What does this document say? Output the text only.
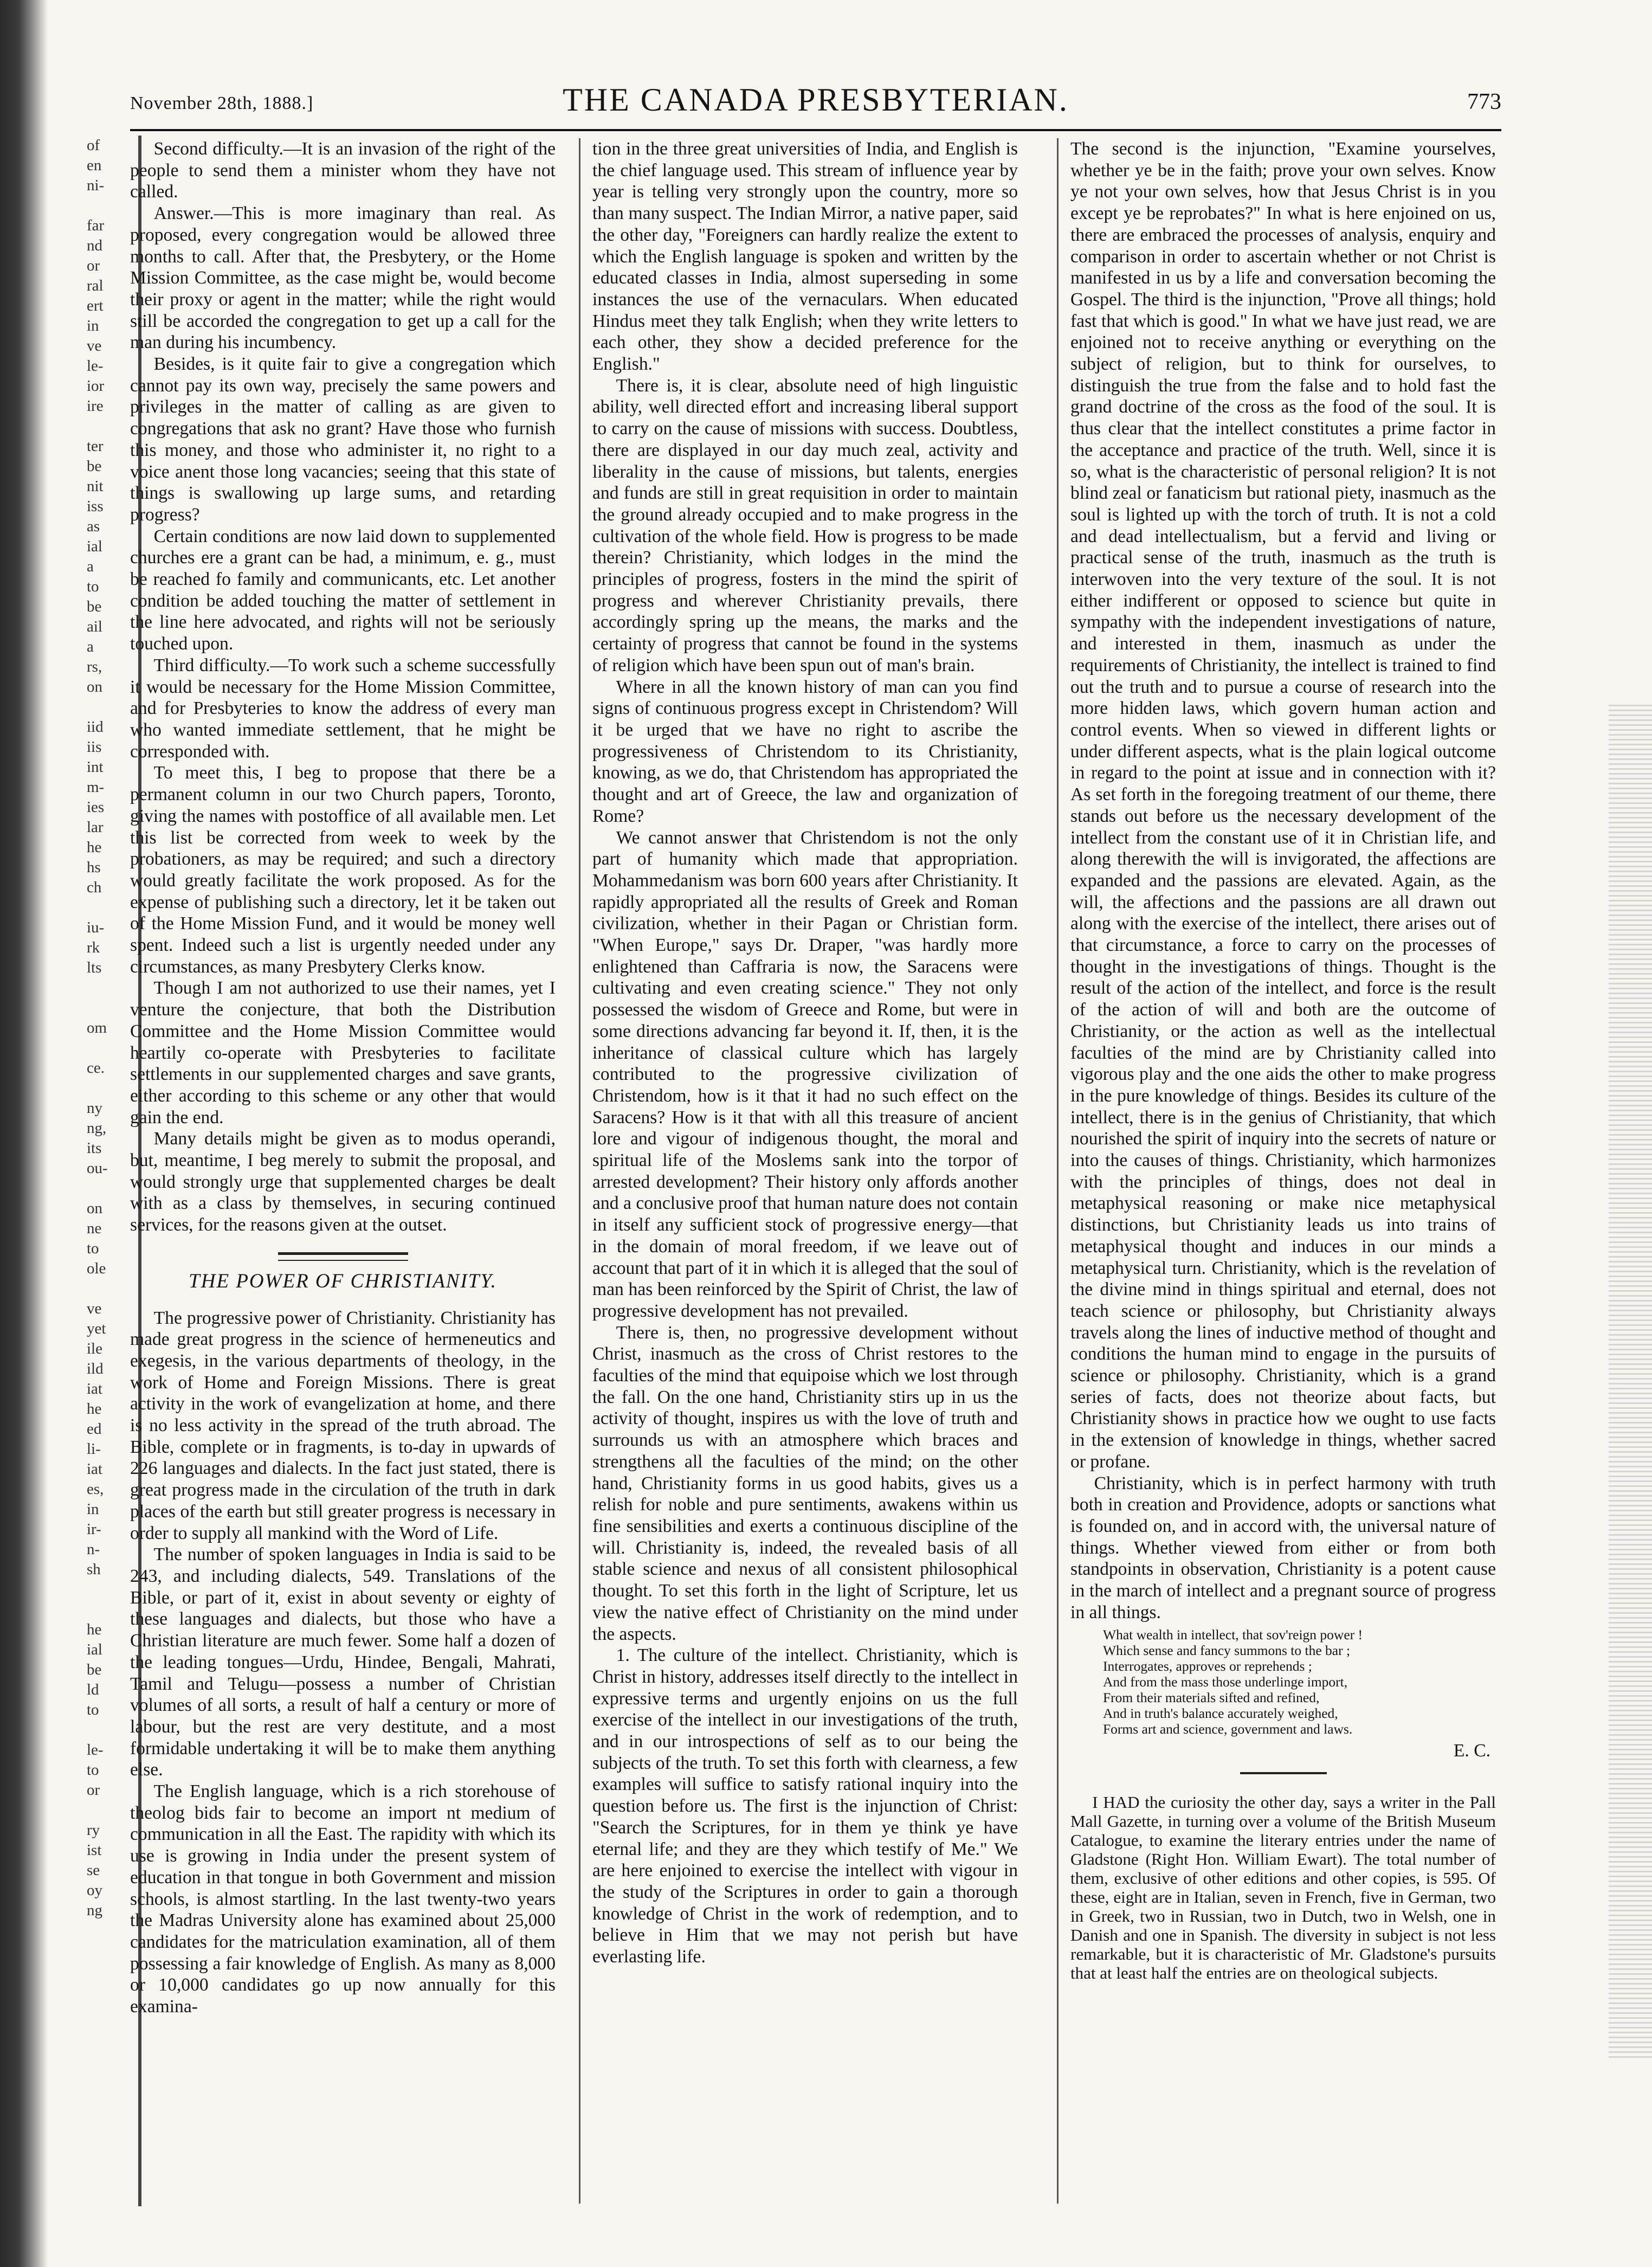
of
en
ni-
far
nd
or
ral
ert
in
ve
le-
ior
ire
ter
be
nit
iss
as
ial
a
to
be
ail
a
rs,
on
iid
iis
int
m-
ies
lar
he
hs
ch
iu-
rk
lts
om
ce.
ny
ng,
its
ou-
on
ne
to
ole
ve
yet
ile
ild
iat
he
ed
li-
iat
es,
in
ir-
n-
sh
he
ial
be
ld
to
le-
to
or
ry
ist
se
oy
ng
November 28th, 1888.]	THE CANADA PRESBYTERIAN.	773

Second difficulty.—It is an invasion of the right of the people to send them a minister whom they have not called.

Answer.—This is more imaginary than real. As proposed, every congregation would be allowed three months to call. After that, the Presbytery, or the Home Mission Committee, as the case might be, would become their proxy or agent in the matter; while the right would still be accorded the congregation to get up a call for the man during his incumbency.

Besides, is it quite fair to give a congregation which cannot pay its own way, precisely the same powers and privileges in the matter of calling as are given to congregations that ask no grant? Have those who furnish this money, and those who administer it, no right to a voice anent those long vacancies; seeing that this state of things is swallowing up large sums, and retarding progress?

Certain conditions are now laid down to supplemented churches ere a grant can be had, a minimum, e. g., must be reached fo family and communicants, etc. Let another condition be added touching the matter of settlement in the line here advocated, and rights will not be seriously touched upon.

Third difficulty.—To work such a scheme successfully it would be necessary for the Home Mission Committee, and for Presbyteries to know the address of every man who wanted immediate settlement, that he might be corresponded with.

To meet this, I beg to propose that there be a permanent column in our two Church papers, Toronto, giving the names with postoffice of all available men. Let this list be corrected from week to week by the probationers, as may be required; and such a directory would greatly facilitate the work proposed. As for the expense of publishing such a directory, let it be taken out of the Home Mission Fund, and it would be money well spent. Indeed such a list is urgently needed under any circumstances, as many Presbytery Clerks know.

Though I am not authorized to use their names, yet I venture the conjecture, that both the Distribution Committee and the Home Mission Committee would heartily co-operate with Presbyteries to facilitate settlements in our supplemented charges and save grants, either according to this scheme or any other that would gain the end.

Many details might be given as to modus operandi, but, meantime, I beg merely to submit the proposal, and would strongly urge that supplemented charges be dealt with as a class by themselves, in securing continued services, for the reasons given at the outset.

THE POWER OF CHRISTIANITY.

The progressive power of Christianity. Christianity has made great progress in the science of hermeneutics and exegesis, in the various departments of theology, in the work of Home and Foreign Missions. There is great activity in the work of evangelization at home, and there is no less activity in the spread of the truth abroad. The Bible, complete or in fragments, is to-day in upwards of 226 languages and dialects. In the fact just stated, there is great progress made in the circulation of the truth in dark places of the earth but still greater progress is necessary in order to supply all mankind with the Word of Life.

The number of spoken languages in India is said to be 243, and including dialects, 549. Translations of the Bible, or part of it, exist in about seventy or eighty of these languages and dialects, but those who have a Christian literature are much fewer. Some half a dozen of the leading tongues—Urdu, Hindee, Bengali, Mahrati, Tamil and Telugu—possess a number of Christian volumes of all sorts, a result of half a century or more of labour, but the rest are very destitute, and a most formidable undertaking it will be to make them anything else.

The English language, which is a rich storehouse of theolog bids fair to become an import nt medium of communication in all the East. The rapidity with which its use is growing in India under the present system of education in that tongue in both Government and mission schools, is almost startling. In the last twenty-two years the Madras University alone has examined about 25,000 candidates for the matriculation examination, all of them possessing a fair knowledge of English. As many as 8,000 or 10,000 candidates go up now annually for this examina-

tion in the three great universities of India, and English is the chief language used. This stream of influence year by year is telling very strongly upon the country, more so than many suspect. The Indian Mirror, a native paper, said the other day, "Foreigners can hardly realize the extent to which the English language is spoken and written by the educated classes in India, almost superseding in some instances the use of the vernaculars. When educated Hindus meet they talk English; when they write letters to each other, they show a decided preference for the English."

There is, it is clear, absolute need of high linguistic ability, well directed effort and increasing liberal support to carry on the cause of missions with success. Doubtless, there are displayed in our day much zeal, activity and liberality in the cause of missions, but talents, energies and funds are still in great requisition in order to maintain the ground already occupied and to make progress in the cultivation of the whole field. How is progress to be made therein? Christianity, which lodges in the mind the principles of progress, fosters in the mind the spirit of progress and wherever Christianity prevails, there accordingly spring up the means, the marks and the certainty of progress that cannot be found in the systems of religion which have been spun out of man's brain.

Where in all the known history of man can you find signs of continuous progress except in Christendom? Will it be urged that we have no right to ascribe the progressiveness of Christendom to its Christianity, knowing, as we do, that Christendom has appropriated the thought and art of Greece, the law and organization of Rome?

We cannot answer that Christendom is not the only part of humanity which made that appropriation. Mohammedanism was born 600 years after Christianity. It rapidly appropriated all the results of Greek and Roman civilization, whether in their Pagan or Christian form. "When Europe," says Dr. Draper, "was hardly more enlightened than Caffraria is now, the Saracens were cultivating and even creating science." They not only possessed the wisdom of Greece and Rome, but were in some directions advancing far beyond it. If, then, it is the inheritance of classical culture which has largely contributed to the progressive civilization of Christendom, how is it that it had no such effect on the Saracens? How is it that with all this treasure of ancient lore and vigour of indigenous thought, the moral and spiritual life of the Moslems sank into the torpor of arrested development? Their history only affords another and a conclusive proof that human nature does not contain in itself any sufficient stock of progressive energy—that in the domain of moral freedom, if we leave out of account that part of it in which it is alleged that the soul of man has been reinforced by the Spirit of Christ, the law of progressive development has not prevailed.

There is, then, no progressive development without Christ, inasmuch as the cross of Christ restores to the faculties of the mind that equipoise which we lost through the fall. On the one hand, Christianity stirs up in us the activity of thought, inspires us with the love of truth and surrounds us with an atmosphere which braces and strengthens all the faculties of the mind; on the other hand, Christianity forms in us good habits, gives us a relish for noble and pure sentiments, awakens within us fine sensibilities and exerts a continuous discipline of the will. Christianity is, indeed, the revealed basis of all stable science and nexus of all consistent philosophical thought. To set this forth in the light of Scripture, let us view the native effect of Christianity on the mind under the aspects.

1. The culture of the intellect. Christianity, which is Christ in history, addresses itself directly to the intellect in expressive terms and urgently enjoins on us the full exercise of the intellect in our investigations of the truth, and in our introspections of self as to our being the subjects of the truth. To set this forth with clearness, a few examples will suffice to satisfy rational inquiry into the question before us. The first is the injunction of Christ: "Search the Scriptures, for in them ye think ye have eternal life; and they are they which testify of Me." We are here enjoined to exercise the intellect with vigour in the study of the Scriptures in order to gain a thorough knowledge of Christ in the work of redemption, and to believe in Him that we may not perish but have everlasting life.

The second is the injunction, "Examine yourselves, whether ye be in the faith; prove your own selves. Know ye not your own selves, how that Jesus Christ is in you except ye be reprobates?" In what is here enjoined on us, there are embraced the processes of analysis, enquiry and comparison in order to ascertain whether or not Christ is manifested in us by a life and conversation becoming the Gospel. The third is the injunction, "Prove all things; hold fast that which is good." In what we have just read, we are enjoined not to receive anything or everything on the subject of religion, but to think for ourselves, to distinguish the true from the false and to hold fast the grand doctrine of the cross as the food of the soul. It is thus clear that the intellect constitutes a prime factor in the acceptance and practice of the truth. Well, since it is so, what is the characteristic of personal religion? It is not blind zeal or fanaticism but rational piety, inasmuch as the soul is lighted up with the torch of truth. It is not a cold and dead intellectualism, but a fervid and living or practical sense of the truth, inasmuch as the truth is interwoven into the very texture of the soul. It is not either indifferent or opposed to science but quite in sympathy with the independent investigations of nature, and interested in them, inasmuch as under the requirements of Christianity, the intellect is trained to find out the truth and to pursue a course of research into the more hidden laws, which govern human action and control events. When so viewed in different lights or under different aspects, what is the plain logical outcome in regard to the point at issue and in connection with it? As set forth in the foregoing treatment of our theme, there stands out before us the necessary development of the intellect from the constant use of it in Christian life, and along therewith the will is invigorated, the affections are expanded and the passions are elevated. Again, as the will, the affections and the passions are all drawn out along with the exercise of the intellect, there arises out of that circumstance, a force to carry on the processes of thought in the investigations of things. Thought is the result of the action of the intellect, and force is the result of the action of will and both are the outcome of Christianity, or the action as well as the intellectual faculties of the mind are by Christianity called into vigorous play and the one aids the other to make progress in the pure knowledge of things. Besides its culture of the intellect, there is in the genius of Christianity, that which nourished the spirit of inquiry into the secrets of nature or into the causes of things. Christianity, which harmonizes with the principles of things, does not deal in metaphysical reasoning or make nice metaphysical distinctions, but Christianity leads us into trains of metaphysical thought and induces in our minds a metaphysical turn. Christianity, which is the revelation of the divine mind in things spiritual and eternal, does not teach science or philosophy, but Christianity always travels along the lines of inductive method of thought and conditions the human mind to engage in the pursuits of science or philosophy. Christianity, which is a grand series of facts, does not theorize about facts, but Christianity shows in practice how we ought to use facts in the extension of knowledge in things, whether sacred or profane.

Christianity, which is in perfect harmony with truth both in creation and Providence, adopts or sanctions what is founded on, and in accord with, the universal nature of things. Whether viewed from either or from both standpoints in observation, Christianity is a potent cause in the march of intellect and a pregnant source of progress in all things.

What wealth in intellect, that sov'reign power !
Which sense and fancy summons to the bar ;
Interrogates, approves or reprehends ;
And from the mass those underlinge import,
From their materials sifted and refined,
And in truth's balance accurately weighed,
Forms art and science, government and laws.
E. C.

I HAD the curiosity the other day, says a writer in the Pall Mall Gazette, in turning over a volume of the British Museum Catalogue, to examine the literary entries under the name of Gladstone (Right Hon. William Ewart). The total number of them, exclusive of other editions and other copies, is 595. Of these, eight are in Italian, seven in French, five in German, two in Greek, two in Russian, two in Dutch, two in Welsh, one in Danish and one in Spanish. The diversity in subject is not less remarkable, but it is characteristic of Mr. Gladstone's pursuits that at least half the entries are on theological subjects.
